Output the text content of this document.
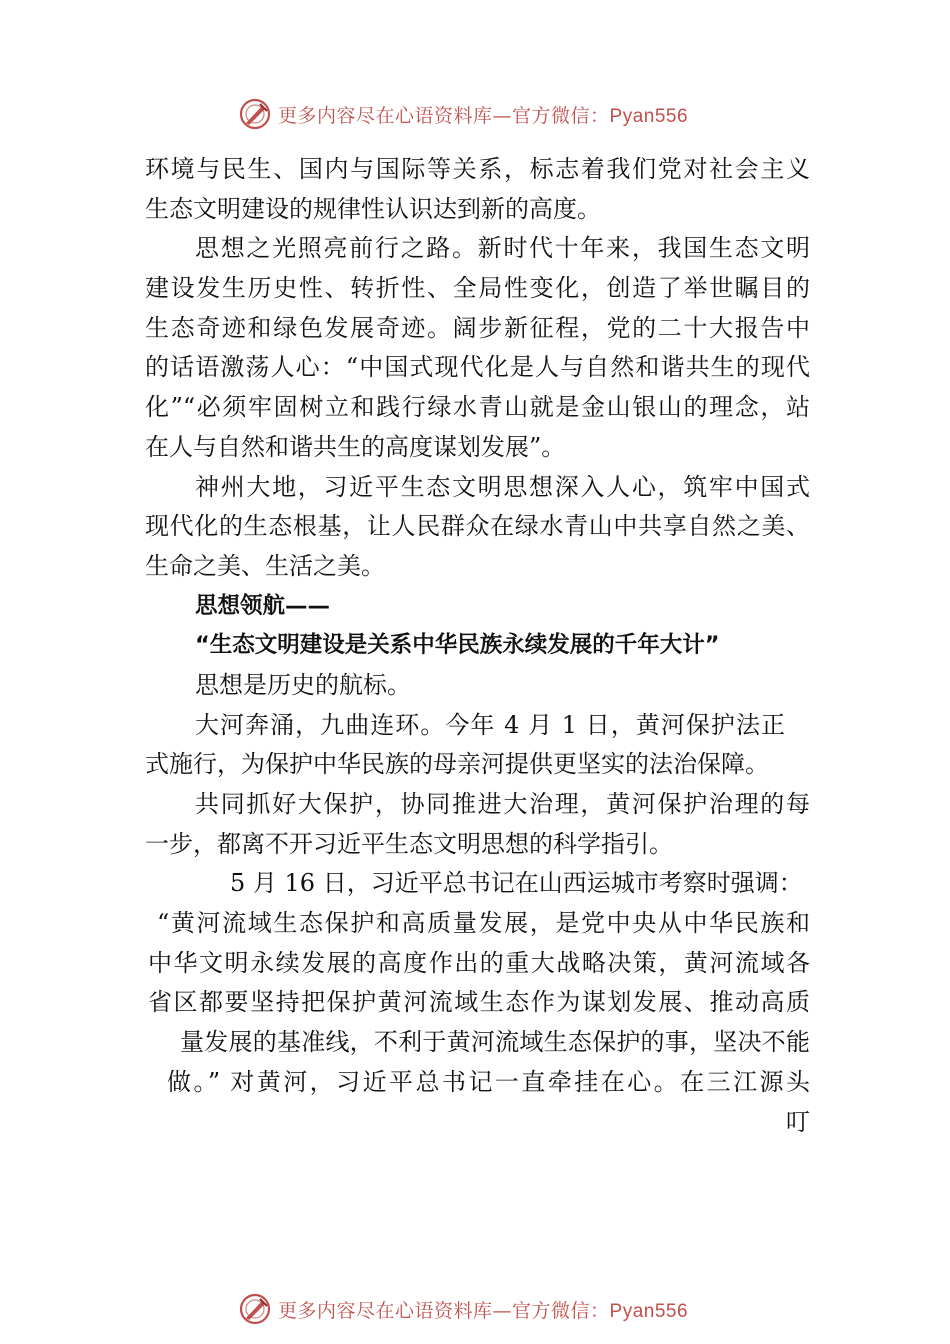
更多内容尽在心语资料库—官方微信：Pyan556
环境与民生、国内与国际等关系，标志着我们党对社会主义
生态文明建设的规律性认识达到新的高度。
思想之光照亮前行之路。新时代十年来，我国生态文明
建设发生历史性、转折性、全局性变化，创造了举世瞩目的
生态奇迹和绿色发展奇迹。阔步新征程，党的二十大报告中
的话语激荡人心：“中国式现代化是人与自然和谐共生的现代
化”“必须牢固树立和践行绿水青山就是金山银山的理念，站
在人与自然和谐共生的高度谋划发展”。
神州大地，习近平生态文明思想深入人心，筑牢中国式
现代化的生态根基，让人民群众在绿水青山中共享自然之美、
生命之美、生活之美。
思想领航——
“生态文明建设是关系中华民族永续发展的千年大计”
思想是历史的航标。
大河奔涌，九曲连环。今年 4 月 1 日，黄河保护法正
式施行，为保护中华民族的母亲河提供更坚实的法治保障。
共同抓好大保护，协同推进大治理，黄河保护治理的每
一步，都离不开习近平生态文明思想的科学指引。
5 月 16 日，习近平总书记在山西运城市考察时强调：
“黄河流域生态保护和高质量发展，是党中央从中华民族和
中华文明永续发展的高度作出的重大战略决策，黄河流域各
省区都要坚持把保护黄河流域生态作为谋划发展、推动高质
量发展的基准线，不利于黄河流域生态保护的事，坚决不能
做。” 对黄河，习近平总书记一直牵挂在心。在三江源头
叮
更多内容尽在心语资料库—官方微信：Pyan556
